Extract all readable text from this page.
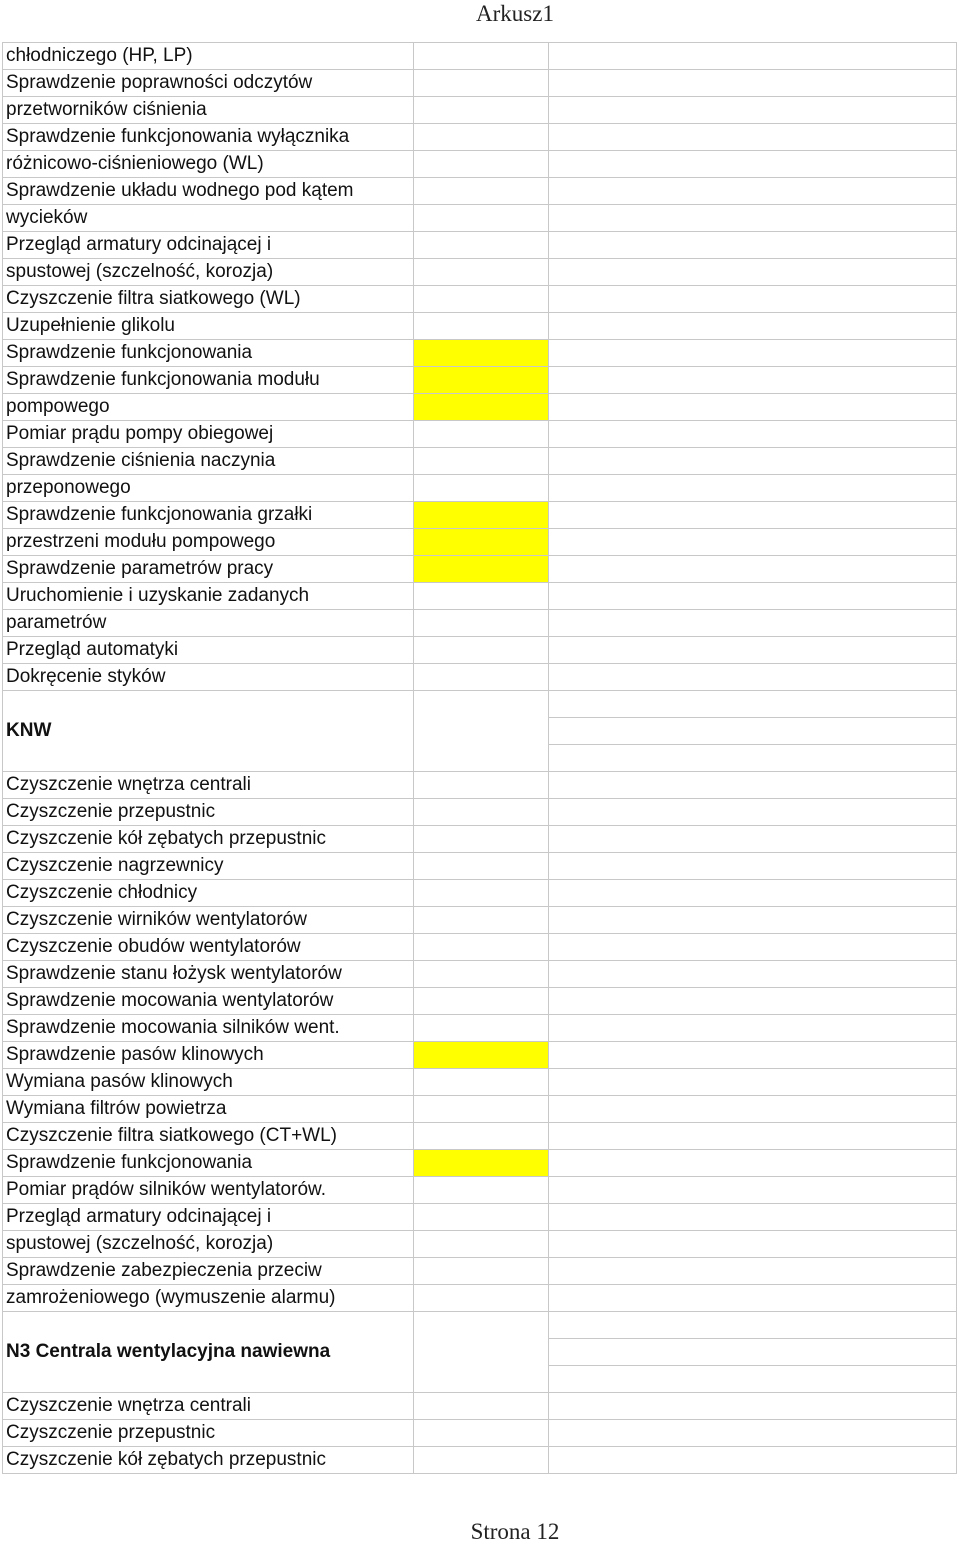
Arkusz1
chłodniczego (HP, LP)		
Sprawdzenie poprawności odczytów		
przetworników ciśnienia		
Sprawdzenie funkcjonowania wyłącznika		
różnicowo-ciśnieniowego (WL)		
Sprawdzenie układu wodnego pod kątem		
wycieków		
Przegląd armatury odcinającej i		
spustowej (szczelność, korozja)		
Czyszczenie filtra siatkowego (WL)		
Uzupełnienie glikolu		
Sprawdzenie funkcjonowania		
Sprawdzenie funkcjonowania modułu		
pompowego		
Pomiar prądu pompy obiegowej		
Sprawdzenie ciśnienia naczynia		
przeponowego		
Sprawdzenie funkcjonowania grzałki		
przestrzeni modułu pompowego		
Sprawdzenie parametrów pracy		
Uruchomienie i uzyskanie zadanych		
parametrów		
Przegląd automatyki		
Dokręcenie styków		
KNW		

Czyszczenie wnętrza centrali		
Czyszczenie przepustnic		
Czyszczenie kół zębatych przepustnic		
Czyszczenie nagrzewnicy		
Czyszczenie chłodnicy		
Czyszczenie wirników wentylatorów		
Czyszczenie obudów wentylatorów		
Sprawdzenie stanu łożysk wentylatorów		
Sprawdzenie mocowania wentylatorów		
Sprawdzenie mocowania silników went.		
Sprawdzenie pasów klinowych		
Wymiana pasów klinowych		
Wymiana filtrów powietrza		
Czyszczenie filtra siatkowego (CT+WL)		
Sprawdzenie funkcjonowania		
Pomiar prądów silników wentylatorów.		
Przegląd armatury odcinającej i		
spustowej (szczelność, korozja)		
Sprawdzenie zabezpieczenia przeciw		
zamrożeniowego (wymuszenie alarmu)		
N3 Centrala wentylacyjna nawiewna		

Czyszczenie wnętrza centrali		
Czyszczenie przepustnic		
Czyszczenie kół zębatych przepustnic		
Strona 12
